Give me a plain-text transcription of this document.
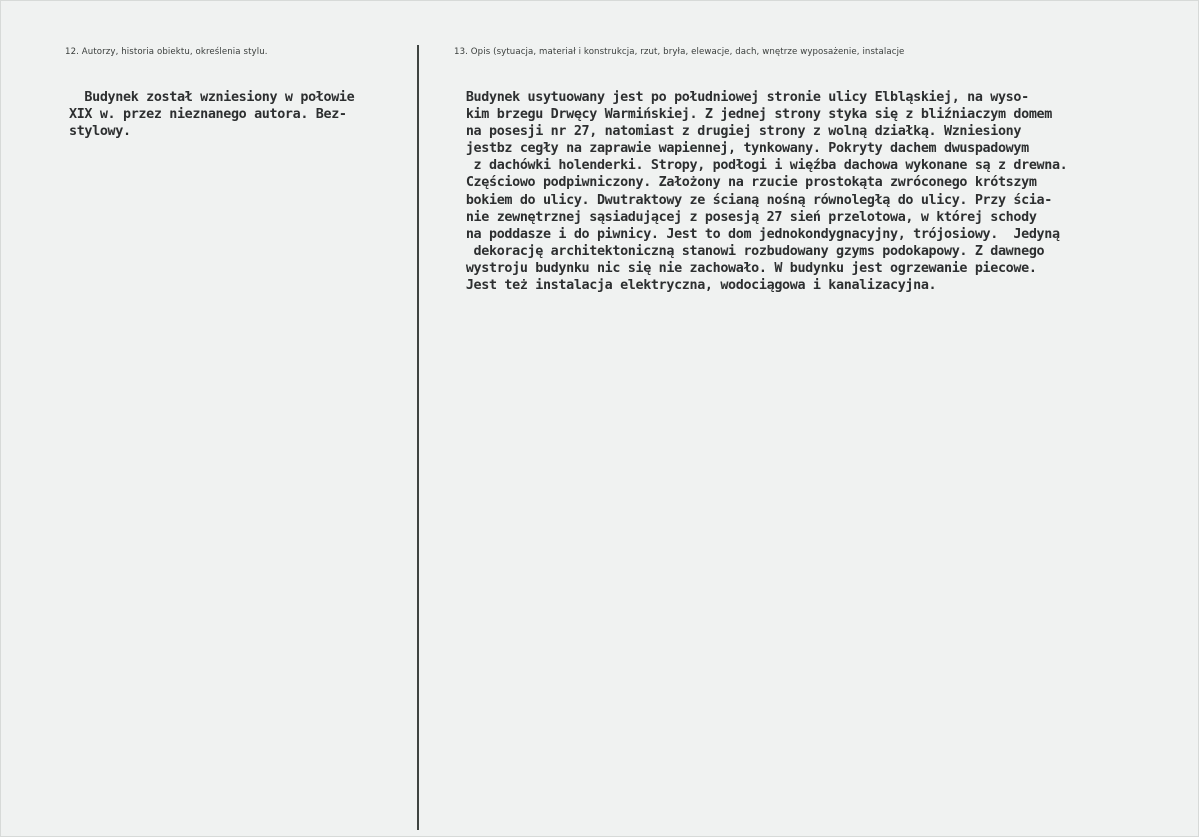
12. Autorzy, historia obiektu, określenia stylu.	13. Opis (sytuacja, materiał i konstrukcja, rzut, bryła, elewacje, dach, wnętrze wyposażenie, instalacje
Budynek został wzniesiony w połowie
XIX w. przez nieznanego autora. Bez-
stylowy.
Budynek usytuowany jest po południowej stronie ulicy Elbląskiej, na wyso-
kim brzegu Drwęcy Warmińskiej. Z jednej strony styka się z bliźniaczym domem
na posesji nr 27, natomiast z drugiej strony z wolną działką. Wzniesiony
jestbz cegły na zaprawie wapiennej, tynkowany. Pokryty dachem dwuspadowym
z dachówki holenderki. Stropy, podłogi i więźba dachowa wykonane są z drewna.
Częściowo podpiwniczony. Założony na rzucie prostokąta zwróconego krótszym
bokiem do ulicy. Dwutraktowy ze ścianą nośną równoległą do ulicy. Przy ścia-
nie zewnętrznej sąsiadującej z posesją 27 sień przelotowa, w której schody
na poddasze i do piwnicy. Jest to dom jednokondygnacyjny, trójosiowy.  Jedyną
dekorację architektoniczną stanowi rozbudowany gzyms podokapowy. Z dawnego
wystroju budynku nic się nie zachowało. W budynku jest ogrzewanie piecowe.
Jest też instalacja elektryczna, wodociągowa i kanalizacyjna.
